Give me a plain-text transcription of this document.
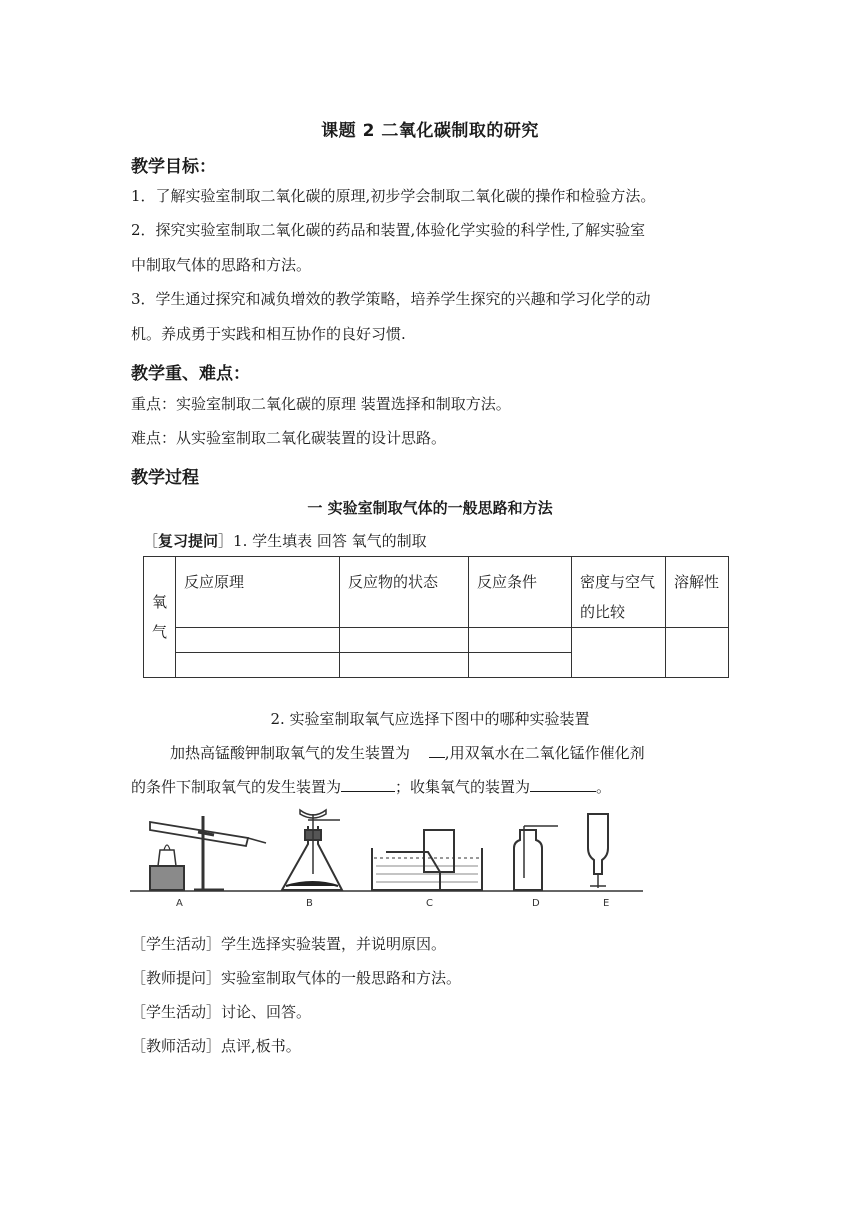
课题 2 二氧化碳制取的研究
教学目标：
1．了解实验室制取二氧化碳的原理,初步学会制取二氧化碳的操作和检验方法。
2．探究实验室制取二氧化碳的药品和装置,体验化学实验的科学性,了解实验室
中制取气体的思路和方法。
3．学生通过探究和减负增效的教学策略，培养学生探究的兴趣和学习化学的动
机。养成勇于实践和相互协作的良好习惯.
教学重、难点：
重点：实验室制取二氧化碳的原理 装置选择和制取方法。
难点：从实验室制取二氧化碳装置的设计思路。
教学过程
一 实验室制取气体的一般思路和方法
［复习提问］1. 学生填表 回答 氧气的制取
氧
气	反应原理	反应物的状态	反应条件	密度与空气的比较	溶解性

2. 实验室制取氧气应选择下图中的哪种实验装置
加热高锰酸钾制取氧气的发生装置为 ,用双氧水在二氧化锰作催化剂
的条件下制取氧气的发生装置为	；收集氧气的装置为	。
A	B	C	D	E
［学生活动］学生选择实验装置，并说明原因。
［教师提问］实验室制取气体的一般思路和方法。
［学生活动］讨论、回答。
［教师活动］点评,板书。
